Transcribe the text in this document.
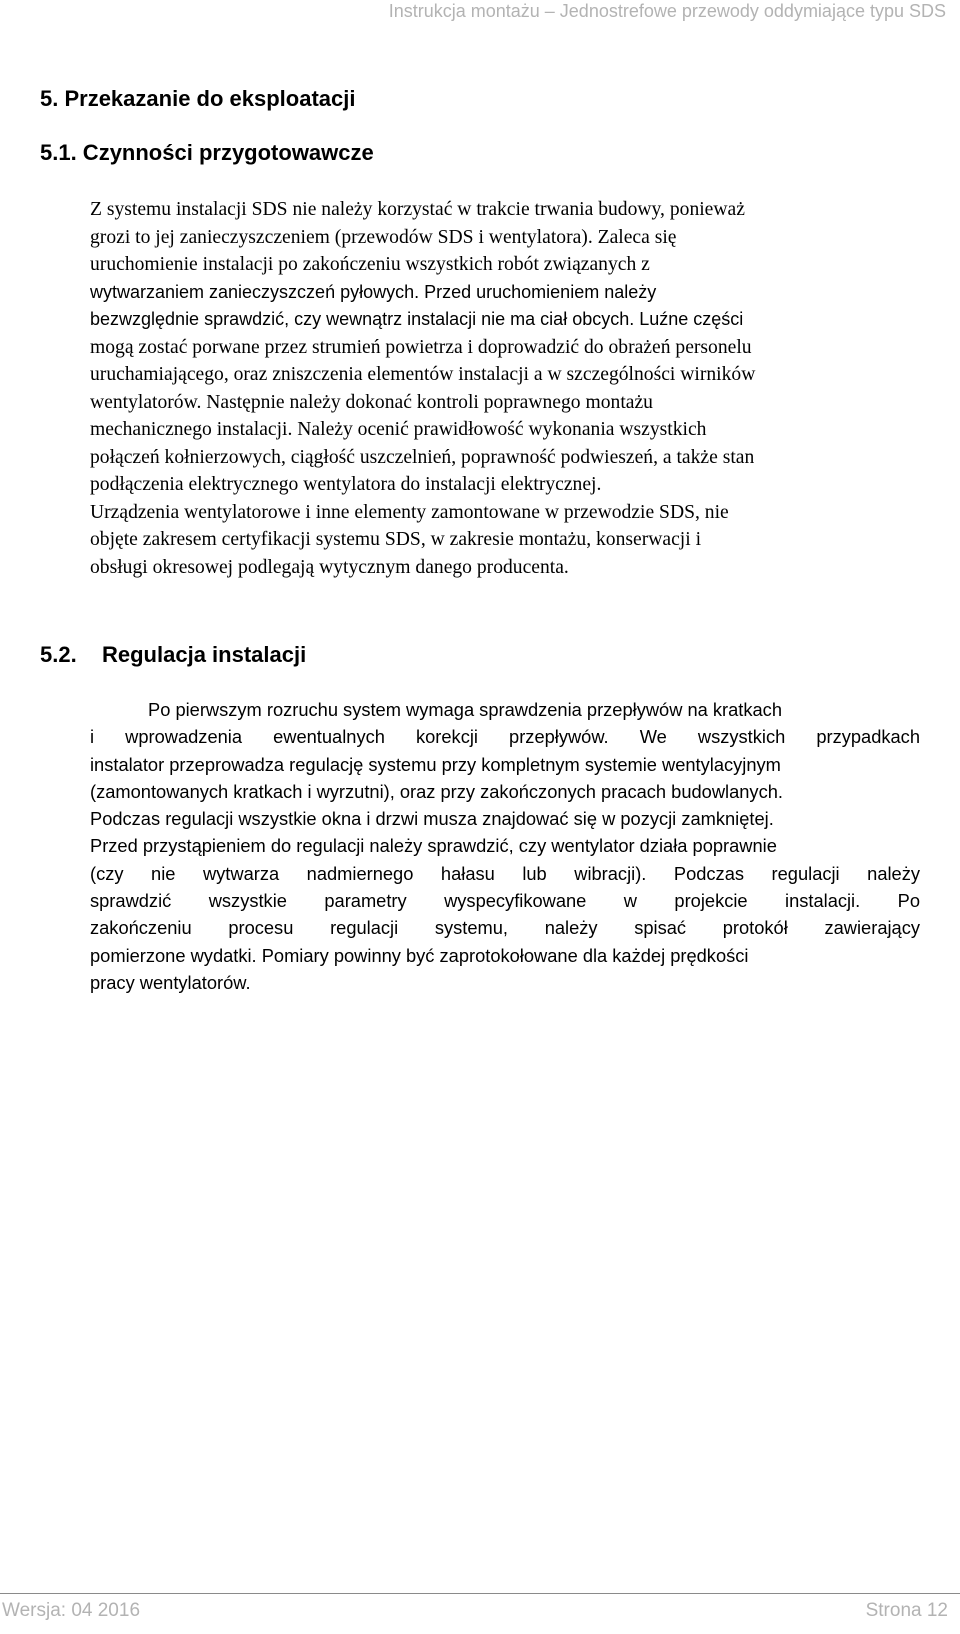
Instrukcja montażu – Jednostrefowe przewody oddymiające typu SDS
5. Przekazanie do eksploatacji
5.1. Czynności przygotowawcze
Z systemu instalacji SDS nie należy korzystać w trakcie trwania budowy, ponieważ
grozi to jej zanieczyszczeniem (przewodów SDS i wentylatora). Zaleca się
uruchomienie instalacji po zakończeniu wszystkich robót związanych z
wytwarzaniem zanieczyszczeń pyłowych. Przed uruchomieniem należy
bezwzględnie sprawdzić, czy wewnątrz instalacji nie ma ciał obcych. Luźne części
mogą zostać porwane przez strumień powietrza i doprowadzić do obrażeń personelu
uruchamiającego, oraz zniszczenia elementów instalacji a w szczególności wirników
wentylatorów. Następnie należy dokonać kontroli poprawnego montażu
mechanicznego instalacji. Należy ocenić prawidłowość wykonania wszystkich
połączeń kołnierzowych, ciągłość uszczelnień, poprawność podwieszeń, a także stan
podłączenia elektrycznego wentylatora do instalacji elektrycznej.
Urządzenia wentylatorowe i inne elementy zamontowane w przewodzie SDS, nie
objęte zakresem certyfikacji systemu SDS, w zakresie montażu, konserwacji i
obsługi okresowej podlegają wytycznym danego producenta.
5.2. Regulacja instalacji
Po pierwszym rozruchu system wymaga sprawdzenia przepływów na kratkach
i wprowadzenia ewentualnych korekcji przepływów. We wszystkich przypadkach
instalator przeprowadza regulację systemu przy kompletnym systemie wentylacyjnym
(zamontowanych kratkach i wyrzutni), oraz przy zakończonych pracach budowlanych.
Podczas regulacji wszystkie okna i drzwi musza znajdować się w pozycji zamkniętej.
Przed przystąpieniem do regulacji należy sprawdzić, czy wentylator działa poprawnie
(czy nie wytwarza nadmiernego hałasu lub wibracji). Podczas regulacji należy
sprawdzić wszystkie parametry wyspecyfikowane w projekcie instalacji. Po
zakończeniu procesu regulacji systemu, należy spisać protokół zawierający
pomierzone wydatki. Pomiary powinny być zaprotokołowane dla każdej prędkości
pracy wentylatorów.
Wersja: 04 2016	Strona 12
